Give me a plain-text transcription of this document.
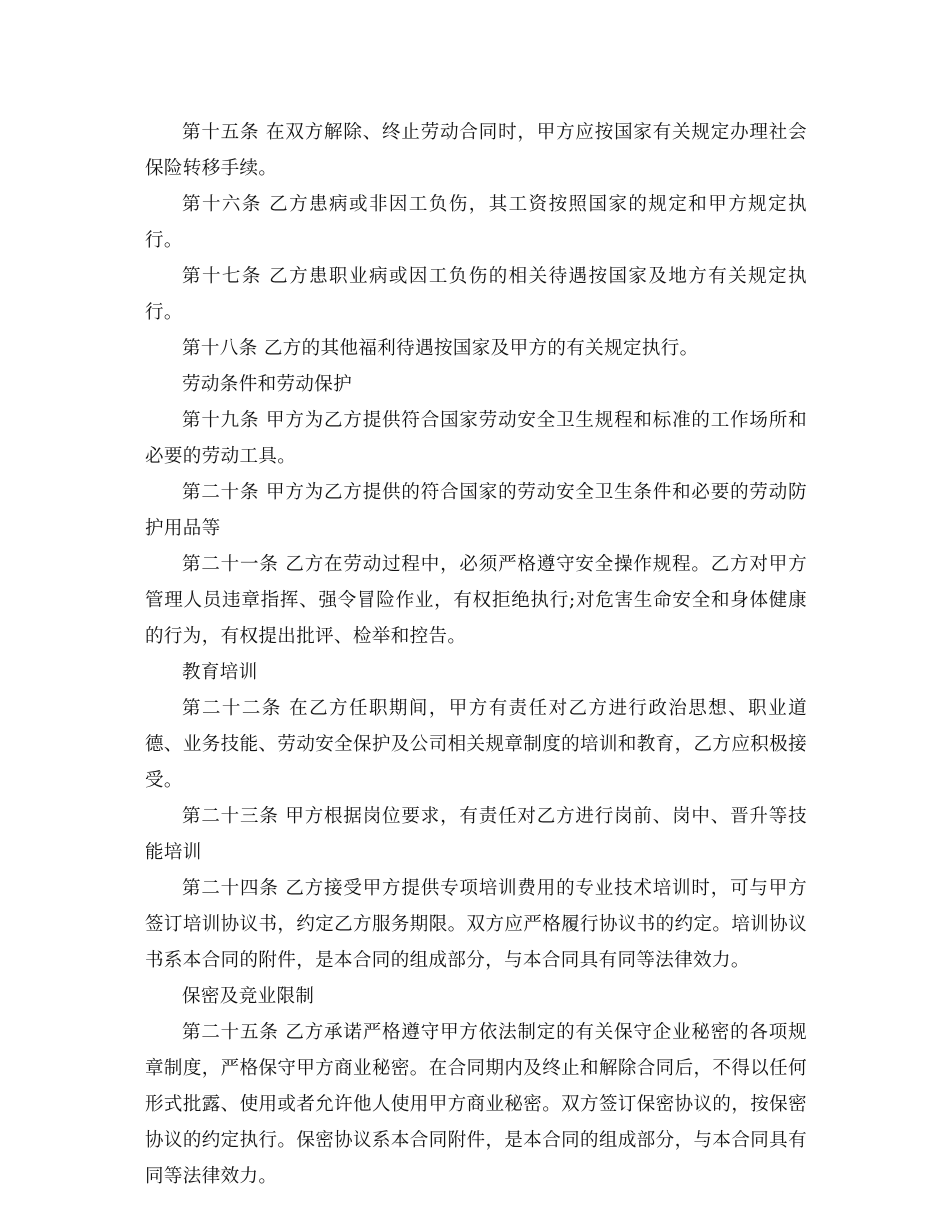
第十五条 在双方解除、终止劳动合同时，甲方应按国家有关规定办理社会保险转移手续。

第十六条 乙方患病或非因工负伤，其工资按照国家的规定和甲方规定执行。

第十七条 乙方患职业病或因工负伤的相关待遇按国家及地方有关规定执行。

第十八条 乙方的其他福利待遇按国家及甲方的有关规定执行。

劳动条件和劳动保护

第十九条 甲方为乙方提供符合国家劳动安全卫生规程和标准的工作场所和必要的劳动工具。

第二十条 甲方为乙方提供的符合国家的劳动安全卫生条件和必要的劳动防护用品等

第二十一条 乙方在劳动过程中，必须严格遵守安全操作规程。乙方对甲方管理人员违章指挥、强令冒险作业，有权拒绝执行;对危害生命安全和身体健康的行为，有权提出批评、检举和控告。

教育培训

第二十二条 在乙方任职期间，甲方有责任对乙方进行政治思想、职业道德、业务技能、劳动安全保护及公司相关规章制度的培训和教育，乙方应积极接受。

第二十三条 甲方根据岗位要求，有责任对乙方进行岗前、岗中、晋升等技能培训

第二十四条 乙方接受甲方提供专项培训费用的专业技术培训时，可与甲方签订培训协议书，约定乙方服务期限。双方应严格履行协议书的约定。培训协议书系本合同的附件，是本合同的组成部分，与本合同具有同等法律效力。

保密及竞业限制

第二十五条 乙方承诺严格遵守甲方依法制定的有关保守企业秘密的各项规章制度，严格保守甲方商业秘密。在合同期内及终止和解除合同后，不得以任何形式批露、使用或者允许他人使用甲方商业秘密。双方签订保密协议的，按保密协议的约定执行。保密协议系本合同附件，是本合同的组成部分，与本合同具有同等法律效力。
